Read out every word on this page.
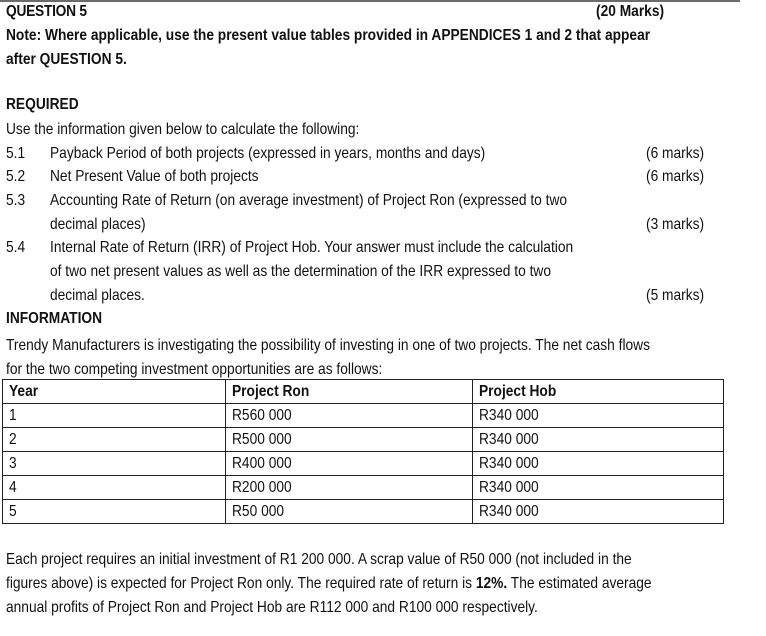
QUESTION 5	(20 Marks)
Note: Where applicable, use the present value tables provided in APPENDICES 1 and 2 that appear
after QUESTION 5.
REQUIRED
Use the information given below to calculate the following:
5.1 Payback Period of both projects (expressed in years, months and days)	(6 marks)
5.2 Net Present Value of both projects	(6 marks)
5.3 Accounting Rate of Return (on average investment) of Project Ron (expressed to two
decimal places)	(3 marks)
5.4 Internal Rate of Return (IRR) of Project Hob. Your answer must include the calculation
of two net present values as well as the determination of the IRR expressed to two
decimal places.	(5 marks)
INFORMATION
Trendy Manufacturers is investigating the possibility of investing in one of two projects. The net cash flows
for the two competing investment opportunities are as follows:
Year	Project Ron	Project Hob
1	R560 000	R340 000
2	R500 000	R340 000
3	R400 000	R340 000
4	R200 000	R340 000
5	R50 000	R340 000
Each project requires an initial investment of R1 200 000. A scrap value of R50 000 (not included in the
figures above) is expected for Project Ron only. The required rate of return is 12%. The estimated average
annual profits of Project Ron and Project Hob are R112 000 and R100 000 respectively.
